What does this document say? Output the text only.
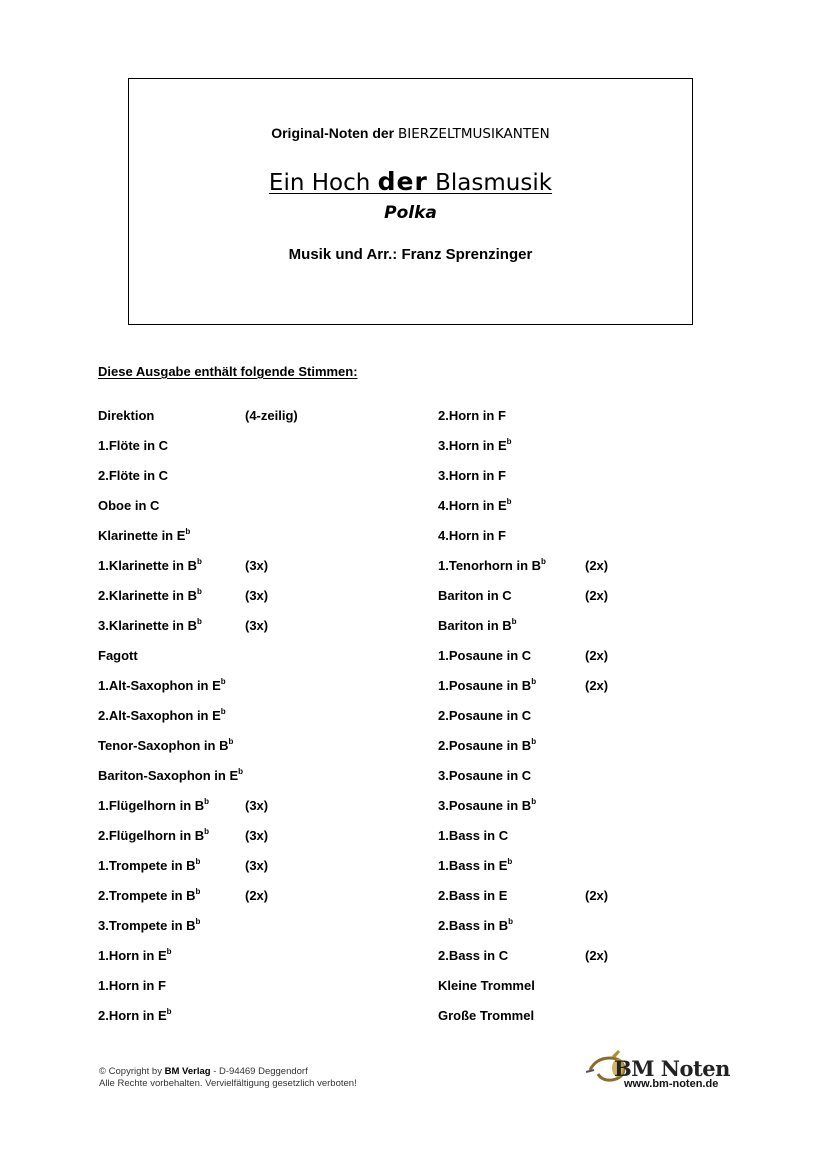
Original-Noten der BIERZELTMUSIKANTEN
Ein Hoch der Blasmusik
Polka
Musik und Arr.: Franz Sprenzinger
Diese Ausgabe enthält folgende Stimmen:
Direktion	(4-zeilig)
1.Flöte in C
2.Flöte in C
Oboe in C
Klarinette in $E^b$
1.Klarinette in $B^b$	(3x)
2.Klarinette in $B^b$	(3x)
3.Klarinette in $B^b$	(3x)
Fagott
1.Alt-Saxophon in $E^b$
2.Alt-Saxophon in $E^b$
Tenor-Saxophon in $B^b$
Bariton-Saxophon in $E^b$
1.Flügelhorn in $B^b$	(3x)
2.Flügelhorn in $B^b$	(3x)
1.Trompete in $B^b$	(3x)
2.Trompete in $B^b$	(2x)
3.Trompete in $B^b$
1.Horn in $E^b$
1.Horn in F
2.Horn in $E^b$
2.Horn in F
3.Horn in $E^b$
3.Horn in F
4.Horn in $E^b$
4.Horn in F
1.Tenorhorn in $B^b$	(2x)
Bariton in C	(2x)
Bariton in $B^b$
1.Posaune in C	(2x)
1.Posaune in $B^b$	(2x)
2.Posaune in C
2.Posaune in $B^b$
3.Posaune in C
3.Posaune in $B^b$
1.Bass in C
1.Bass in $E^b$
2.Bass in E	(2x)
2.Bass in $B^b$
2.Bass in C	(2x)
Kleine Trommel
Große Trommel
© Copyright by BM Verlag - D-94469 Deggendorf
Alle Rechte vorbehalten. Vervielfältigung gesetzlich verboten!
BM Noten
www.bm-noten.de
